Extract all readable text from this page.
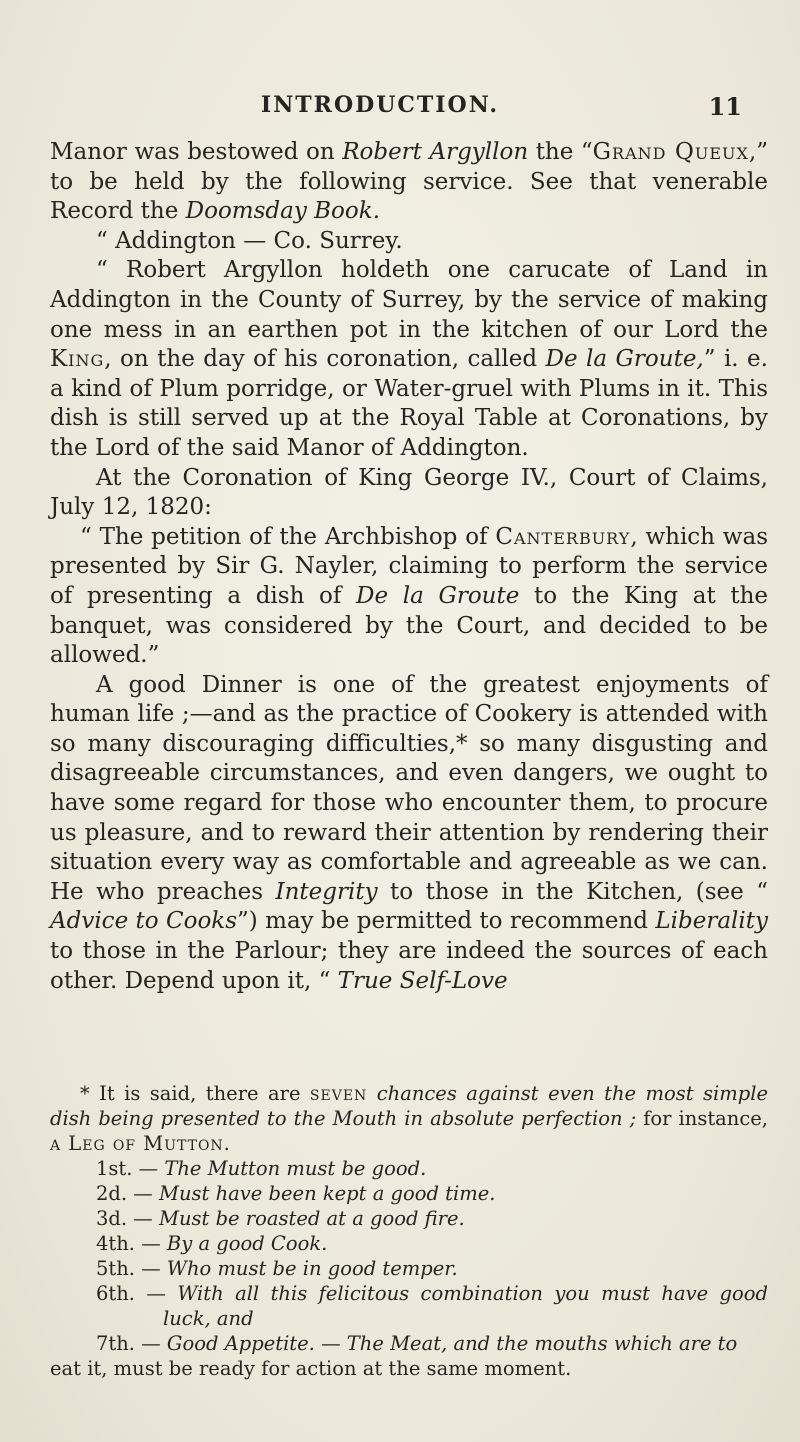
INTRODUCTION.	11

Manor was bestowed on Robert Argyllon the “Grand Queux,” to be held by the following service. See that venerable Record the Doomsday Book.

“ Addington — Co. Surrey.

“ Robert Argyllon holdeth one carucate of Land in Addington in the County of Surrey, by the service of making one mess in an earthen pot in the kitchen of our Lord the King, on the day of his coronation, called De la Groute,” i. e. a kind of Plum porridge, or Water-gruel with Plums in it. This dish is still served up at the Royal Table at Coronations, by the Lord of the said Manor of Addington.

At the Coronation of King George IV., Court of Claims, July 12, 1820:

“ The petition of the Archbishop of Canterbury, which was presented by Sir G. Nayler, claiming to perform the service of presenting a dish of De la Groute to the King at the banquet, was considered by the Court, and decided to be allowed.”

A good Dinner is one of the greatest enjoyments of human life ;—and as the practice of Cookery is attended with so many discouraging difficulties,* so many disgusting and disagreeable circumstances, and even dangers, we ought to have some regard for those who encounter them, to procure us pleasure, and to reward their attention by rendering their situation every way as comfortable and agreeable as we can. He who preaches Integrity to those in the Kitchen, (see “ Advice to Cooks”) may be permitted to recommend Liberality to those in the Parlour; they are indeed the sources of each other. Depend upon it, “ True Self-Love

* It is said, there are seven chances against even the most simple dish being presented to the Mouth in absolute perfection ; for instance, a Leg of Mutton.

1st. — The Mutton must be good.

2d. — Must have been kept a good time.

3d. — Must be roasted at a good fire.

4th. — By a good Cook.

5th. — Who must be in good temper.

6th. — With all this felicitous combination you must have good luck, and

7th. — Good Appetite. — The Meat, and the mouths which are to

eat it, must be ready for action at the same moment.
